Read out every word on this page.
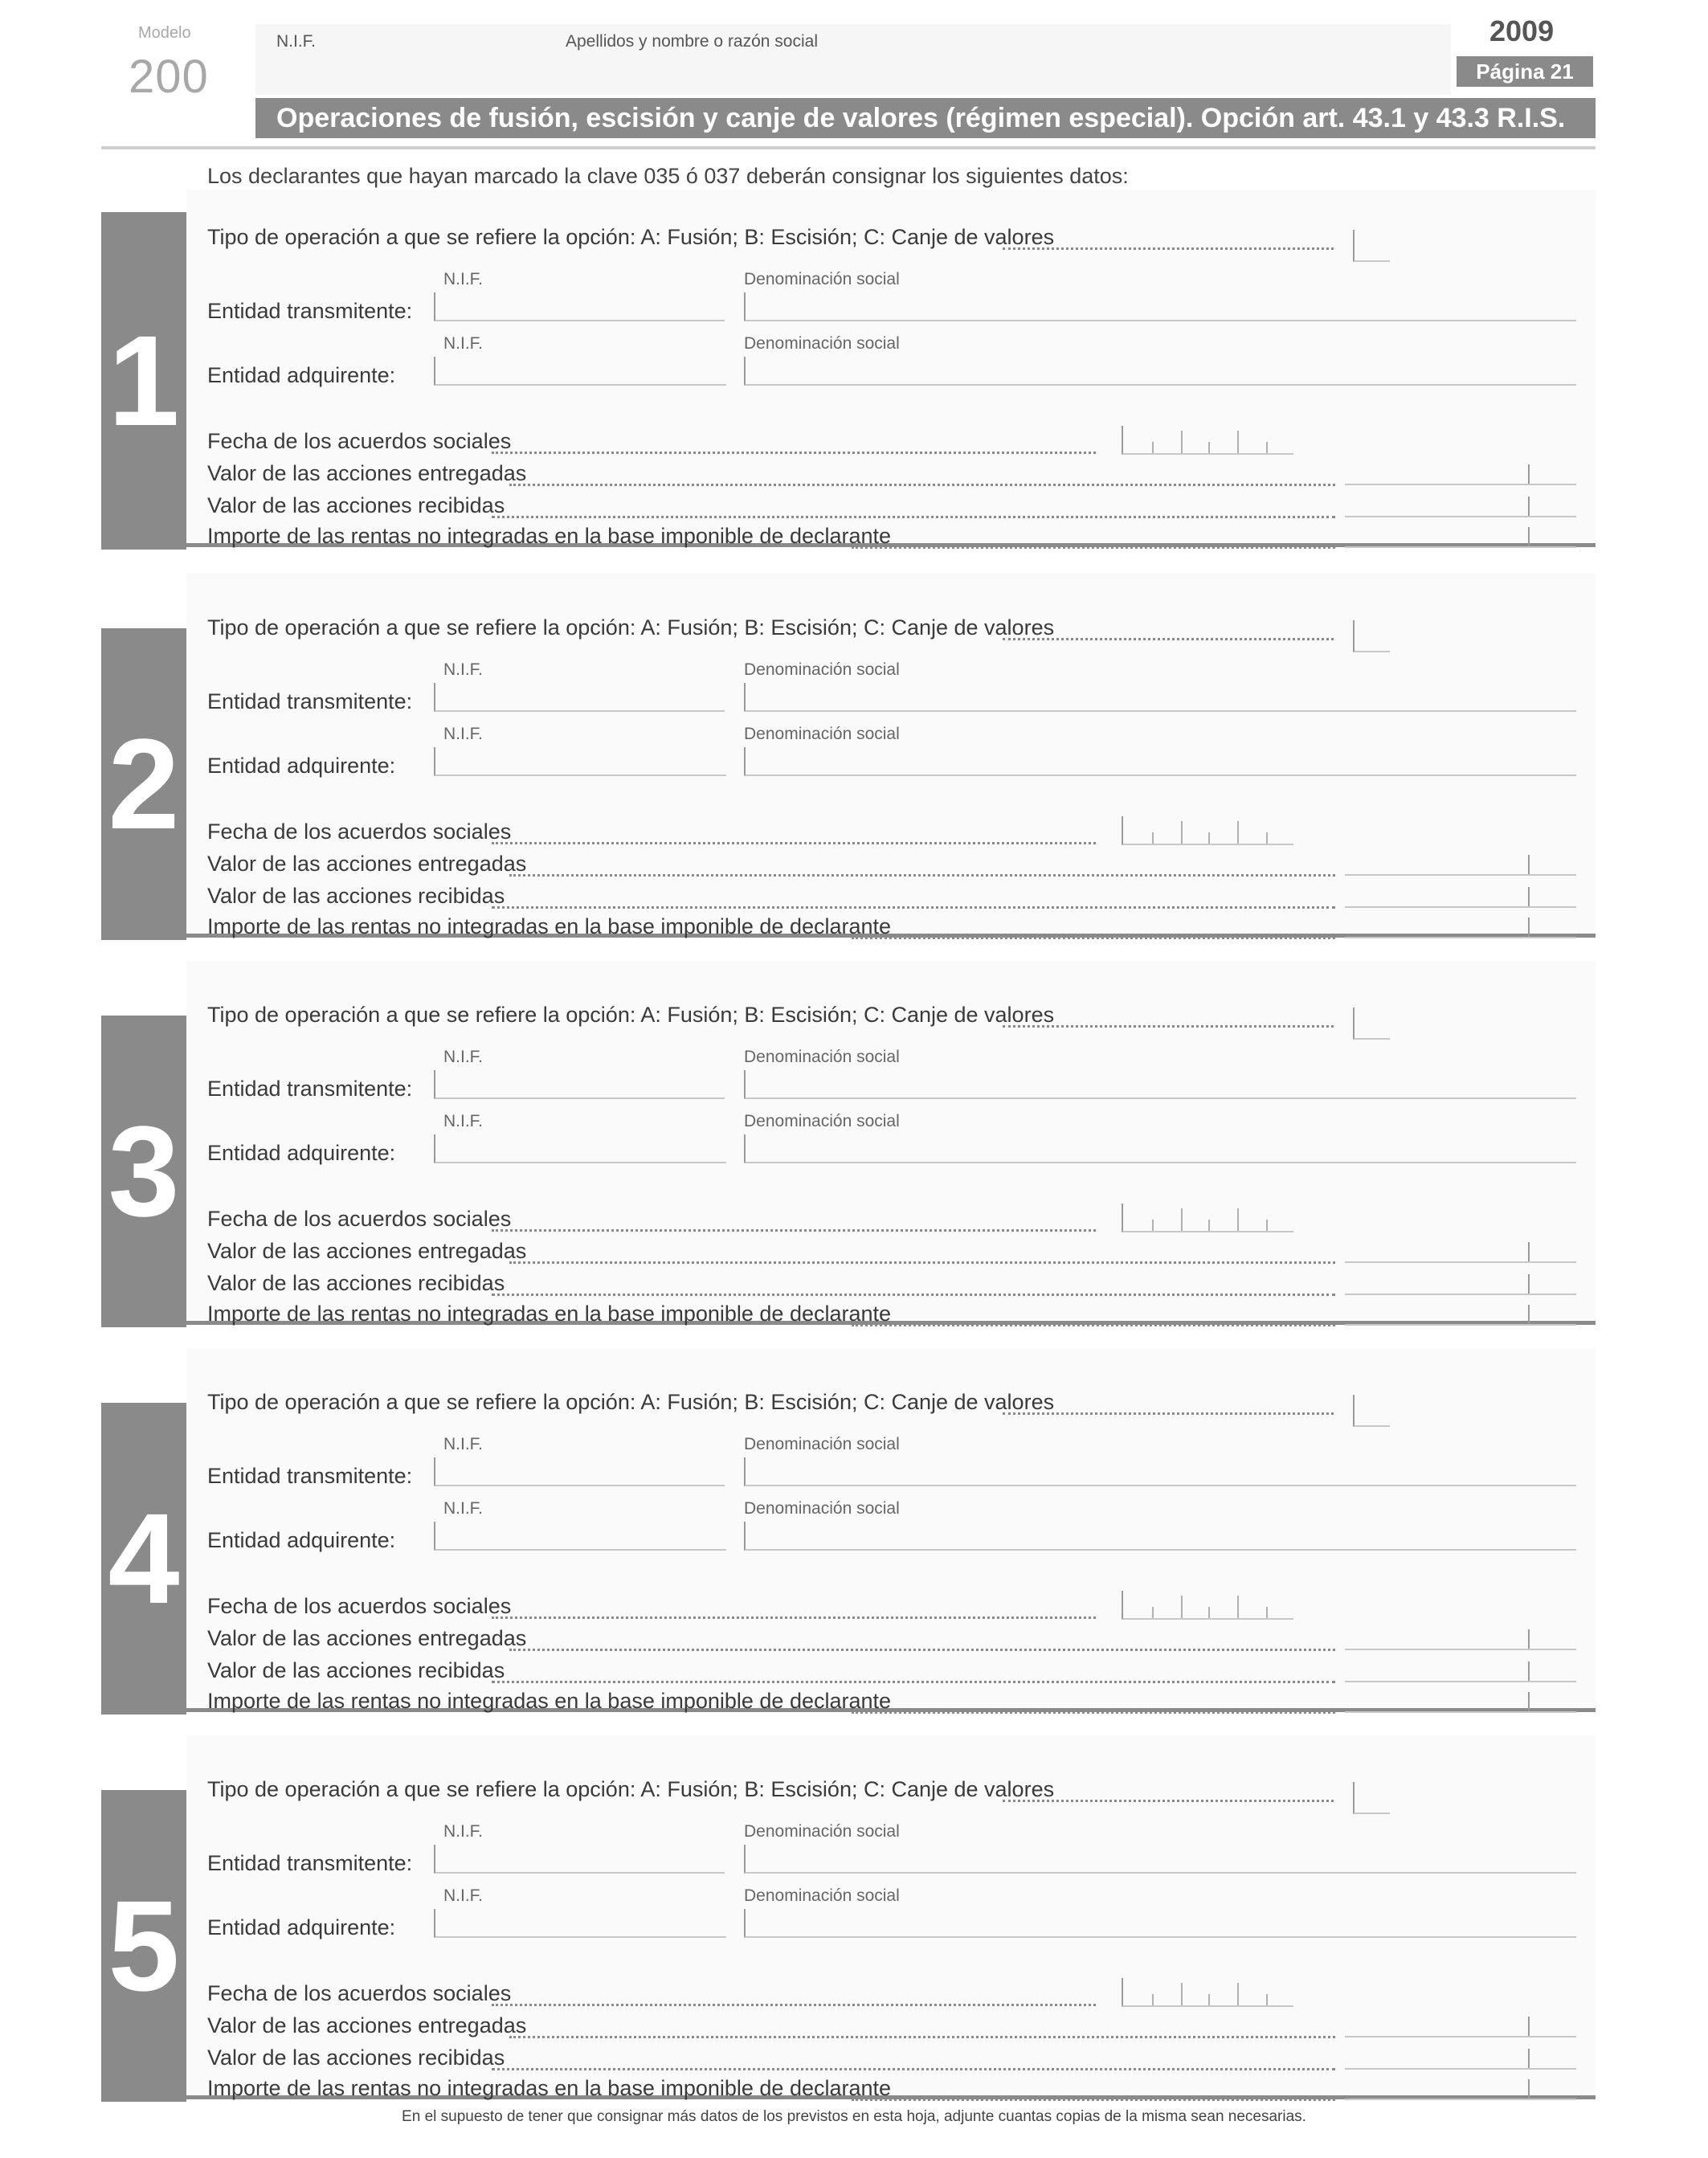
Modelo
200
N.I.F.	Apellidos y nombre o razón social	2009
Página 21
Operaciones de fusión, escisión y canje de valores (régimen especial). Opción art. 43.1 y 43.3 R.I.S.
Los declarantes que hayan marcado la clave 035 ó 037 deberán consignar los siguientes datos:
1
Tipo de operación a que se refiere la opción: A: Fusión; B: Escisión; C: Canje de valores
N.I.F.	Denominación social
Entidad transmitente:
N.I.F.	Denominación social
Entidad adquirente:
Fecha de los acuerdos sociales
Valor de las acciones entregadas
Valor de las acciones recibidas
Importe de las rentas no integradas en la base imponible de declarante
2
Tipo de operación a que se refiere la opción: A: Fusión; B: Escisión; C: Canje de valores
N.I.F.	Denominación social
Entidad transmitente:
N.I.F.	Denominación social
Entidad adquirente:
Fecha de los acuerdos sociales
Valor de las acciones entregadas
Valor de las acciones recibidas
Importe de las rentas no integradas en la base imponible de declarante
3
Tipo de operación a que se refiere la opción: A: Fusión; B: Escisión; C: Canje de valores
N.I.F.	Denominación social
Entidad transmitente:
N.I.F.	Denominación social
Entidad adquirente:
Fecha de los acuerdos sociales
Valor de las acciones entregadas
Valor de las acciones recibidas
Importe de las rentas no integradas en la base imponible de declarante
4
Tipo de operación a que se refiere la opción: A: Fusión; B: Escisión; C: Canje de valores
N.I.F.	Denominación social
Entidad transmitente:
N.I.F.	Denominación social
Entidad adquirente:
Fecha de los acuerdos sociales
Valor de las acciones entregadas
Valor de las acciones recibidas
Importe de las rentas no integradas en la base imponible de declarante
5
Tipo de operación a que se refiere la opción: A: Fusión; B: Escisión; C: Canje de valores
N.I.F.	Denominación social
Entidad transmitente:
N.I.F.	Denominación social
Entidad adquirente:
Fecha de los acuerdos sociales
Valor de las acciones entregadas
Valor de las acciones recibidas
Importe de las rentas no integradas en la base imponible de declarante
En el supuesto de tener que consignar más datos de los previstos en esta hoja, adjunte cuantas copias de la misma sean necesarias.
